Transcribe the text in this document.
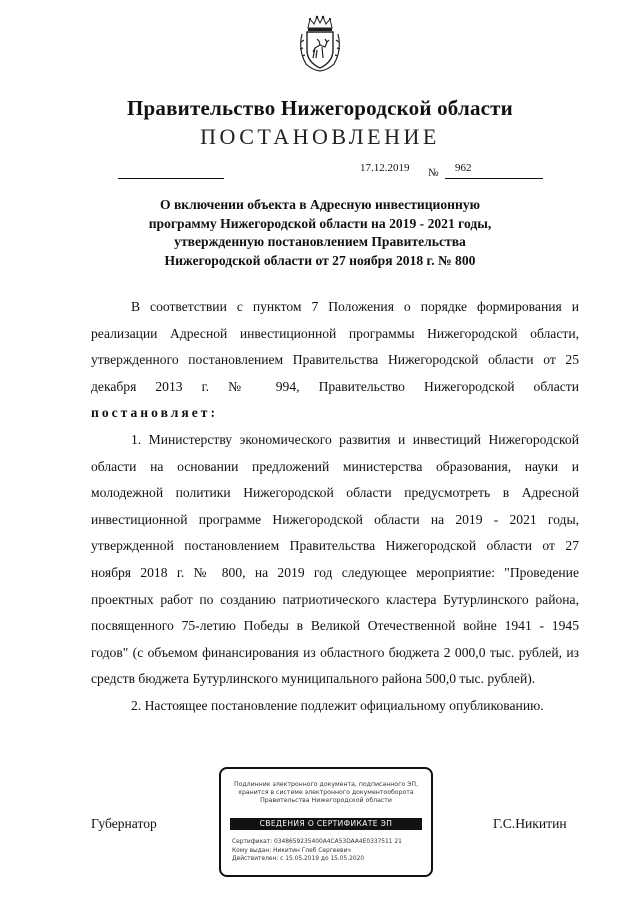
Правительство Нижегородской области
ПОСТАНОВЛЕНИЕ
17.12.2019 № 962
О включении объекта в Адресную инвестиционную
программу Нижегородской области на 2019 - 2021 годы,
утвержденную постановлением Правительства
Нижегородской области от 27 ноября 2018 г. № 800

В соответствии с пунктом 7 Положения о порядке формирования и реализации Адресной инвестиционной программы Нижегородской области, утвержденного постановлением Правительства Нижегородской области от 25 декабря 2013 г. № 994, Правительство Нижегородской области постановляет:

1. Министерству экономического развития и инвестиций Нижегородской области на основании предложений министерства образования, науки и молодежной политики Нижегородской области предусмотреть в Адресной инвестиционной программе Нижегородской области на 2019 - 2021 годы, утвержденной постановлением Правительства Нижегородской области от 27 ноября 2018 г. № 800, на 2019 год следующее мероприятие: "Проведение проектных работ по созданию патриотического кластера Бутурлинского района, посвященного 75-летию Победы в Великой Отечественной войне 1941 - 1945 годов" (с объемом финансирования из областного бюджета 2 000,0 тыс. рублей, из средств бюджета Бутурлинского муниципального района 500,0 тыс. рублей).

2. Настоящее постановление подлежит официальному опубликованию.

Губернатор	Г.С.Никитин
Подлинник электронного документа, подписанного ЭП,
хранится в системе электронного документооборота
Правительства Нижегородской области
СВЕДЕНИЯ О СЕРТИФИКАТЕ ЭП
Сертификат: 0348659235400A4CA53DAA4E0337511 21
Кому выдан: Никитин Глеб Сергеевич
Действителен: с 15.05.2019 до 15.05.2020
